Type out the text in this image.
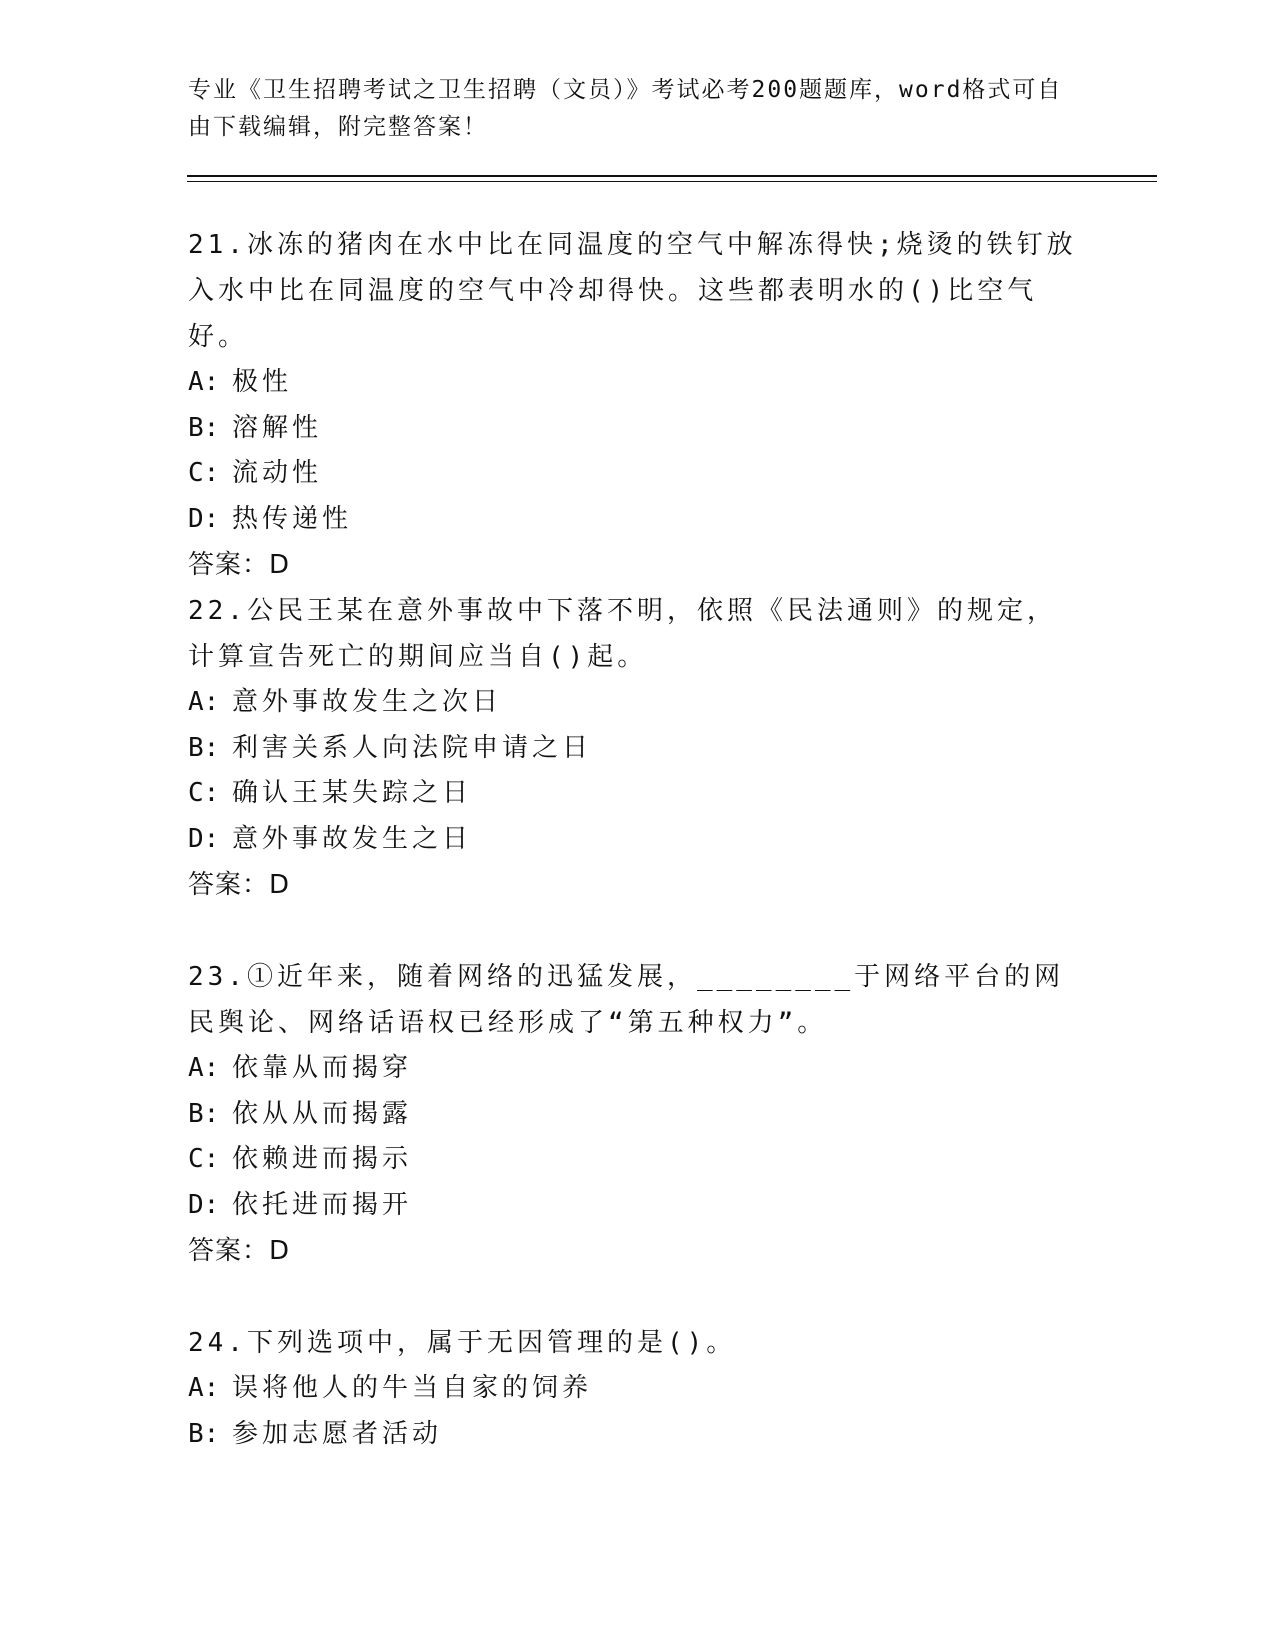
专业《卫生招聘考试之卫生招聘（文员）》考试必考200题题库，word格式可自由下载编辑，附完整答案！

21.冰冻的猪肉在水中比在同温度的空气中解冻得快;烧烫的铁钉放入水中比在同温度的空气中冷却得快。这些都表明水的()比空气好。

A: 极性

B: 溶解性

C: 流动性

D: 热传递性

答案：D

22.公民王某在意外事故中下落不明，依照《民法通则》的规定，计算宣告死亡的期间应当自()起。

A: 意外事故发生之次日

B: 利害关系人向法院申请之日

C: 确认王某失踪之日

D: 意外事故发生之日

答案：D

23.①近年来，随着网络的迅猛发展，________于网络平台的网民舆论、网络话语权已经形成了“第五种权力”。

A: 依靠从而揭穿

B: 依从从而揭露

C: 依赖进而揭示

D: 依托进而揭开

答案：D

24.下列选项中，属于无因管理的是()。

A: 误将他人的牛当自家的饲养

B: 参加志愿者活动
